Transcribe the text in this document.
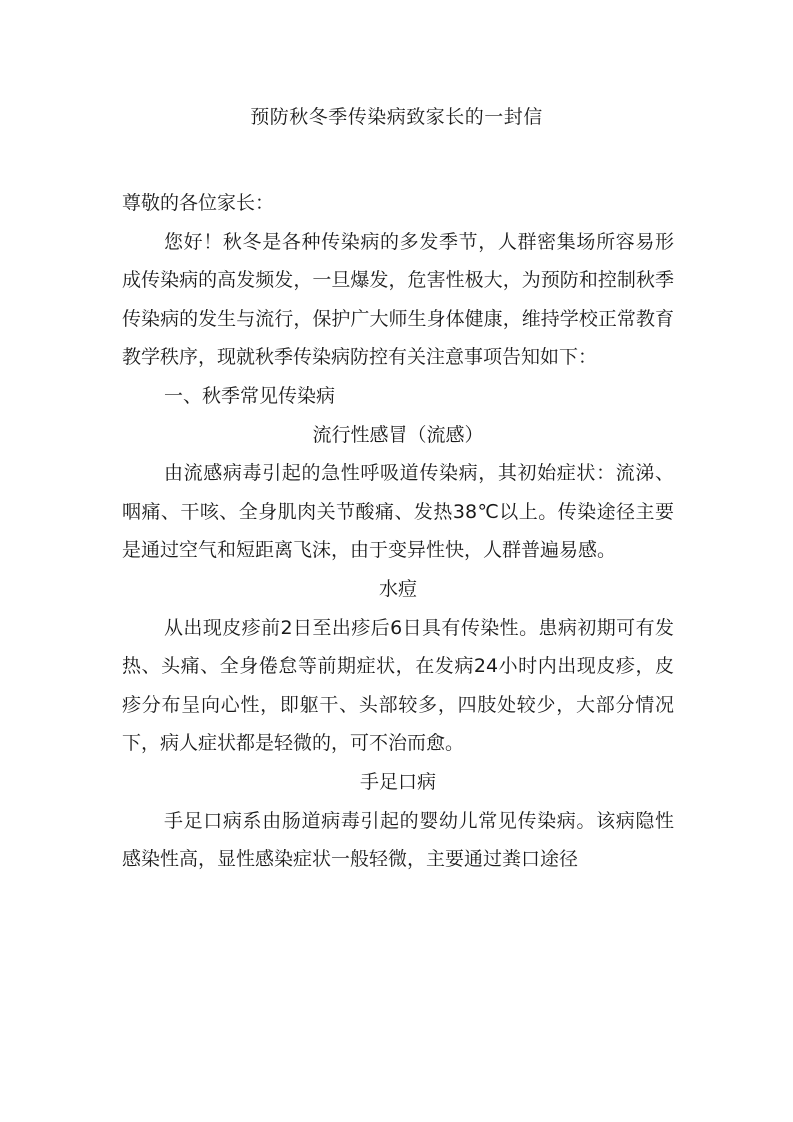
预防秋冬季传染病致家长的一封信

尊敬的各位家长：

您好！秋冬是各种传染病的多发季节，人群密集场所容易形成传染病的高发频发，一旦爆发，危害性极大，为预防和控制秋季传染病的发生与流行，保护广大师生身体健康，维持学校正常教育教学秩序，现就秋季传染病防控有关注意事项告知如下：

一、秋季常见传染病

流行性感冒（流感）

由流感病毒引起的急性呼吸道传染病，其初始症状：流涕、咽痛、干咳、全身肌肉关节酸痛、发热38℃以上。传染途径主要是通过空气和短距离飞沫，由于变异性快，人群普遍易感。

水痘

从出现皮疹前2日至出疹后6日具有传染性。患病初期可有发热、头痛、全身倦怠等前期症状，在发病24小时内出现皮疹，皮疹分布呈向心性，即躯干、头部较多，四肢处较少，大部分情况下，病人症状都是轻微的，可不治而愈。

手足口病

手足口病系由肠道病毒引起的婴幼儿常见传染病。该病隐性感染性高，显性感染症状一般轻微，主要通过粪口途径
